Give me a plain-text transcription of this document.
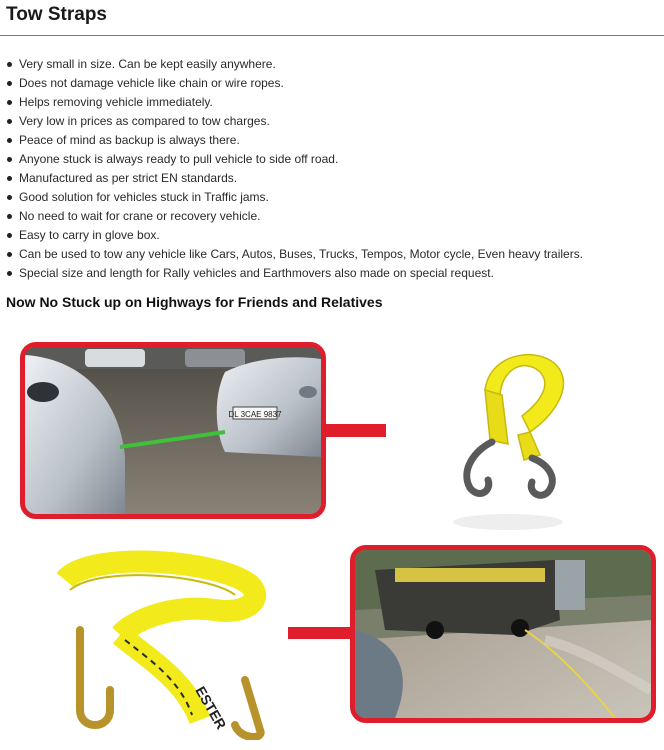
Tow Straps
Very small in size. Can be kept easily anywhere.
Does not damage vehicle like chain or wire ropes.
Helps removing vehicle immediately.
Very low in prices as compared to tow charges.
Peace of mind as backup is always there.
Anyone stuck is always ready to pull vehicle to side off road.
Manufactured as per strict EN standards.
Good solution for vehicles stuck in Traffic jams.
No need to wait for crane or recovery vehicle.
Easy to carry in glove box.
Can be used to tow any vehicle like Cars, Autos, Buses, Trucks, Tempos, Motor cycle, Even heavy trailers.
Special size and length for Rally vehicles and Earthmovers also made on special request.
Now No Stuck up on Highways for Friends and Relatives
DL 3CAE 9837
ESTER
